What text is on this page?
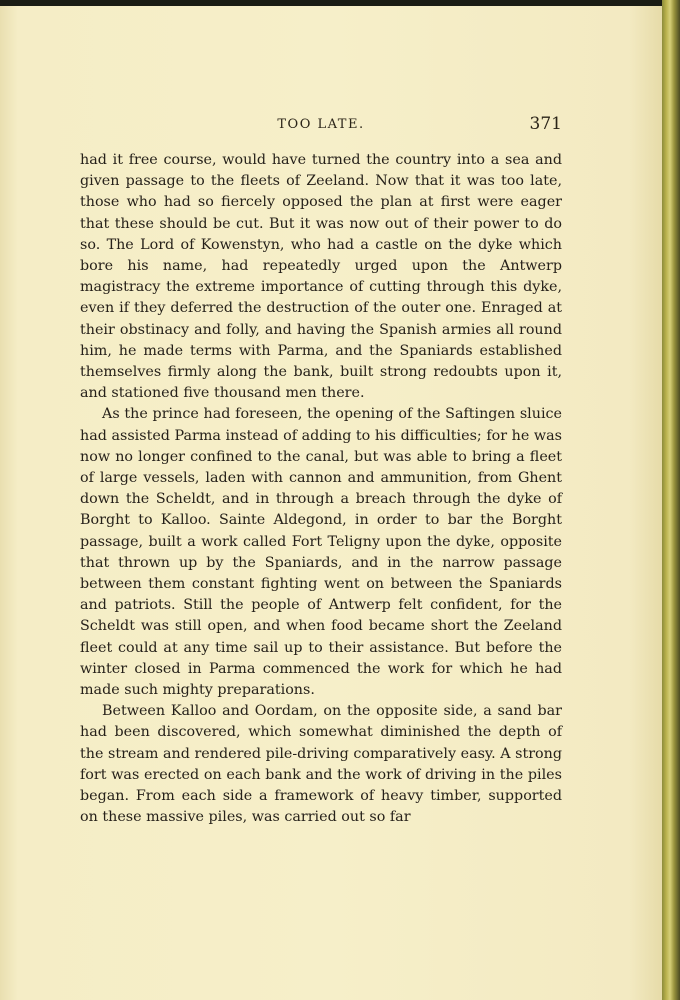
TOO LATE.	371

had it free course, would have turned the country into a sea and given passage to the fleets of Zeeland. Now that it was too late, those who had so fiercely opposed the plan at first were eager that these should be cut. But it was now out of their power to do so. The Lord of Kowenstyn, who had a castle on the dyke which bore his name, had repeatedly urged upon the Antwerp magistracy the extreme importance of cutting through this dyke, even if they deferred the destruction of the outer one. Enraged at their obstinacy and folly, and having the Spanish armies all round him, he made terms with Parma, and the Spaniards established themselves firmly along the bank, built strong redoubts upon it, and stationed five thousand men there.

As the prince had foreseen, the opening of the Saftingen sluice had assisted Parma instead of adding to his difficulties; for he was now no longer confined to the canal, but was able to bring a fleet of large vessels, laden with cannon and ammunition, from Ghent down the Scheldt, and in through a breach through the dyke of Borght to Kalloo. Sainte Aldegond, in order to bar the Borght passage, built a work called Fort Teligny upon the dyke, opposite that thrown up by the Spaniards, and in the narrow passage between them constant fighting went on between the Spaniards and patriots. Still the people of Antwerp felt confident, for the Scheldt was still open, and when food became short the Zeeland fleet could at any time sail up to their assistance. But before the winter closed in Parma commenced the work for which he had made such mighty preparations.

Between Kalloo and Oordam, on the opposite side, a sand bar had been discovered, which somewhat diminished the depth of the stream and rendered pile-driving comparatively easy. A strong fort was erected on each bank and the work of driving in the piles began. From each side a framework of heavy timber, supported on these massive piles, was carried out so far
